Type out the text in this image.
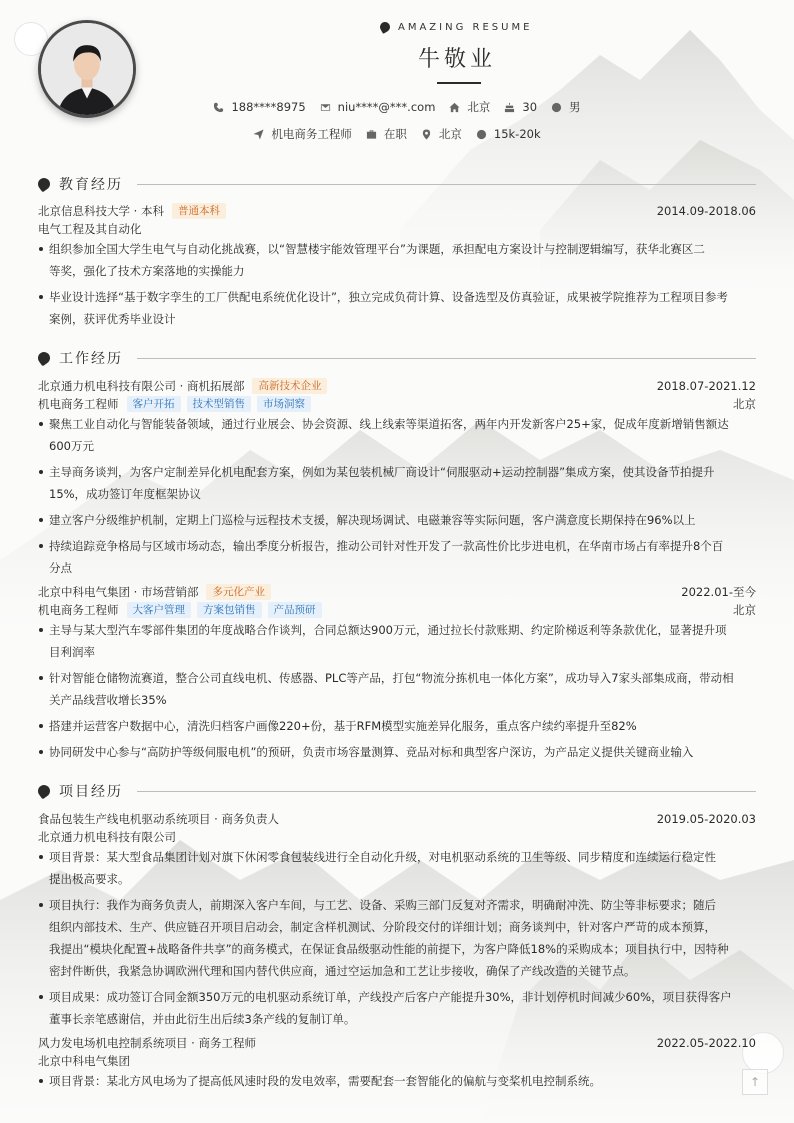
AMAZING RESUME
牛敬业
188****8975	niu****@***.com	北京	30	男
机电商务工程师	在职	北京	15k-20k
教育经历
北京信息科技大学 · 本科	普通本科	2014.09-2018.06
电气工程及其自动化
组织参加全国大学生电气与自动化挑战赛，以“智慧楼宇能效管理平台”为课题，承担配电方案设计与控制逻辑编写，获华北赛区二
等奖，强化了技术方案落地的实操能力
毕业设计选择“基于数字孪生的工厂供配电系统优化设计”，独立完成负荷计算、设备选型及仿真验证，成果被学院推荐为工程项目参考
案例，获评优秀毕业设计
工作经历
北京通力机电科技有限公司 · 商机拓展部	高新技术企业	2018.07-2021.12
机电商务工程师	客户开拓	技术型销售	市场洞察	北京
聚焦工业自动化与智能装备领域，通过行业展会、协会资源、线上线索等渠道拓客，两年内开发新客户25+家，促成年度新增销售额达
600万元
主导商务谈判，为客户定制差异化机电配套方案，例如为某包装机械厂商设计“伺服驱动+运动控制器”集成方案，使其设备节拍提升
15%，成功签订年度框架协议
建立客户分级维护机制，定期上门巡检与远程技术支援，解决现场调试、电磁兼容等实际问题，客户满意度长期保持在96%以上
持续追踪竞争格局与区域市场动态，输出季度分析报告，推动公司针对性开发了一款高性价比步进电机，在华南市场占有率提升8个百
分点
北京中科电气集团 · 市场营销部	多元化产业	2022.01-至今
机电商务工程师	大客户管理	方案包销售	产品预研	北京
主导与某大型汽车零部件集团的年度战略合作谈判，合同总额达900万元，通过拉长付款账期、约定阶梯返利等条款优化，显著提升项
目利润率
针对智能仓储物流赛道，整合公司直线电机、传感器、PLC等产品，打包“物流分拣机电一体化方案”，成功导入7家头部集成商，带动相
关产品线营收增长35%
搭建并运营客户数据中心，清洗归档客户画像220+份，基于RFM模型实施差异化服务，重点客户续约率提升至82%
协同研发中心参与“高防护等级伺服电机”的预研，负责市场容量测算、竞品对标和典型客户深访，为产品定义提供关键商业输入
项目经历
食品包装生产线电机驱动系统项目 · 商务负责人	2019.05-2020.03
北京通力机电科技有限公司
项目背景：某大型食品集团计划对旗下休闲零食包装线进行全自动化升级，对电机驱动系统的卫生等级、同步精度和连续运行稳定性
提出极高要求。
项目执行：我作为商务负责人，前期深入客户车间，与工艺、设备、采购三部门反复对齐需求，明确耐冲洗、防尘等非标要求；随后
组织内部技术、生产、供应链召开项目启动会，制定含样机测试、分阶段交付的详细计划；商务谈判中，针对客户严苛的成本预算，
我提出“模块化配置+战略备件共享”的商务模式，在保证食品级驱动性能的前提下，为客户降低18%的采购成本；项目执行中，因特种
密封件断供，我紧急协调欧洲代理和国内替代供应商，通过空运加急和工艺让步接收，确保了产线改造的关键节点。
项目成果：成功签订合同金额350万元的电机驱动系统订单，产线投产后客户产能提升30%，非计划停机时间减少60%，项目获得客户
董事长亲笔感谢信，并由此衍生出后续3条产线的复制订单。
风力发电场机电控制系统项目 · 商务工程师	2022.05-2022.10
北京中科电气集团
项目背景：某北方风电场为了提高低风速时段的发电效率，需要配套一套智能化的偏航与变桨机电控制系统。	↑
